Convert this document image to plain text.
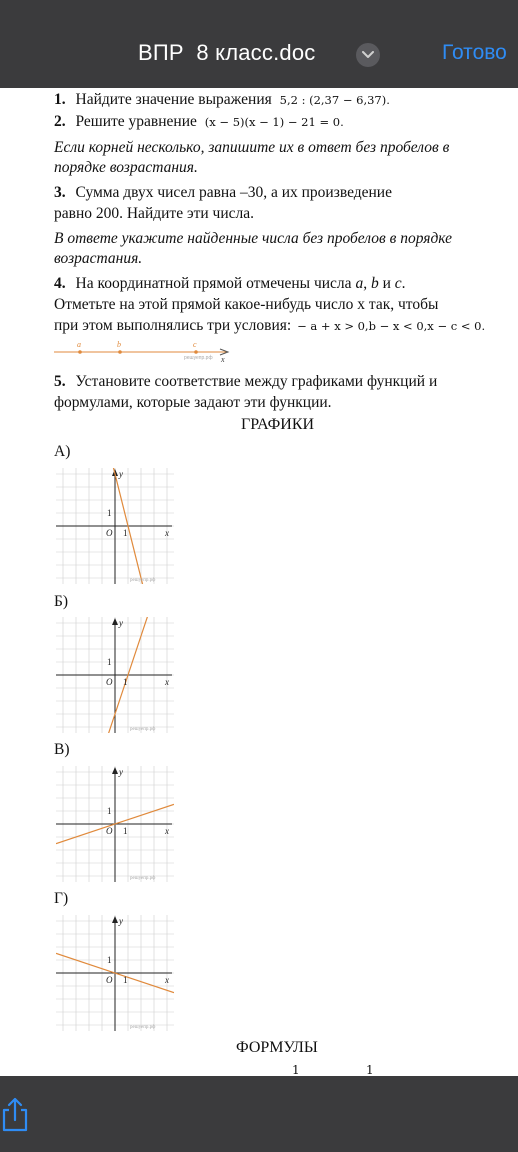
ВПР  8 класс.doc	Готово
1. Найдите значение выражения 5,2 : (2,37 − 6,37).
2. Решите уравнение (x − 5)(x − 1) − 21 = 0.
Если корней несколько, запишите их в ответ без пробелов в
порядке возрастания.
3. Сумма двух чисел равна –30, а их произведение
равно 200. Найдите эти числа.
В ответе укажите найденные числа без пробелов в порядке
возрастания.
4. На координатной прямой отмечены числа a, b и c.
Отметьте на этой прямой какое-нибудь число x так, чтобы
при этом выполнялись три условия: − a + x > 0,b − x < 0,x − c < 0.
a	b	c
x
решуепр.рф
5. Установите соответствие между графиками функций и
формулами, которые задают эти функции.
ГРАФИКИ
А)
Б)
В)
Г)
x
y
O
1
1
решуепр.рф
x
y
O
1
1
решуепр.рф
x
y
O
1
1
решуепр.рф
x
y
O
1
1
решуепр.рф
ФОРМУЛЫ
1	1
